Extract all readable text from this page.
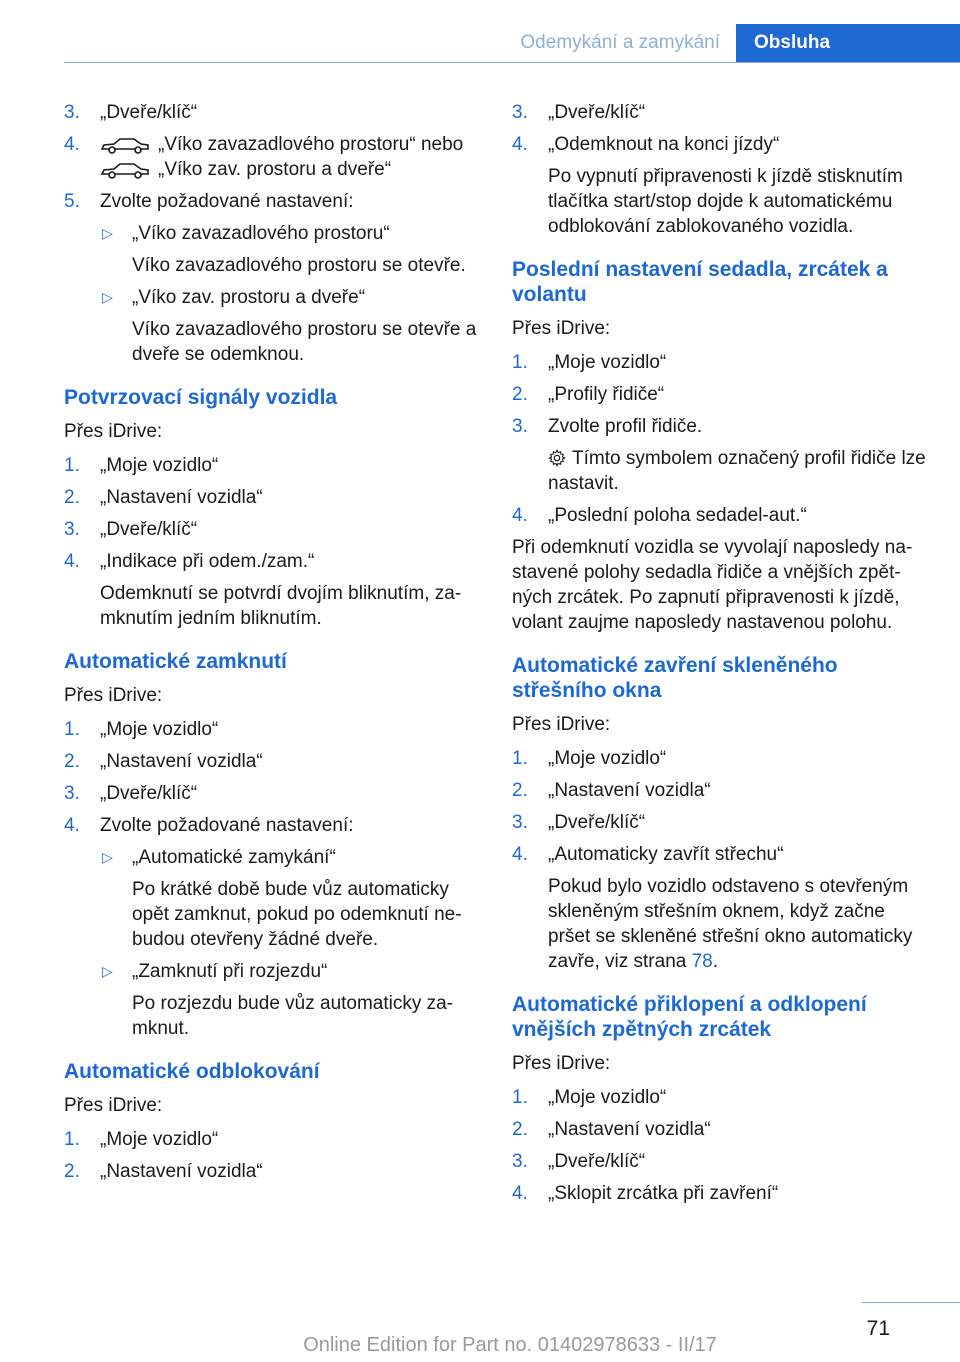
Odemykání a zamykání	Obsluha
3. „Dveře/klíč“
4.	„Víko zavazadlového prostoru“ nebo
„Víko zav. prostoru a dveře“
5. Zvolte požadované nastavení:
▷ „Víko zavazadlového prostoru“
Víko zavazadlového prostoru se otevře.
▷ „Víko zav. prostoru a dveře“
Víko zavazadlového prostoru se otevře a dveře se odemknou.
Potvrzovací signály vozidla
Přes iDrive:
1. „Moje vozidlo“
2. „Nastavení vozidla“
3. „Dveře/klíč“
4. „Indikace při odem./zam.“
Odemknutí se potvrdí dvojím bliknutím, zamknutím jedním bliknutím.
Automatické zamknutí
Přes iDrive:
1. „Moje vozidlo“
2. „Nastavení vozidla“
3. „Dveře/klíč“
4. Zvolte požadované nastavení:
▷ „Automatické zamykání“
Po krátké době bude vůz automaticky opět zamknut, pokud po odemknutí nebudou otevřeny žádné dveře.
▷ „Zamknutí při rozjezdu“
Po rozjezdu bude vůz automaticky zamknut.
Automatické odblokování
Přes iDrive:
1. „Moje vozidlo“
2. „Nastavení vozidla“
3. „Dveře/klíč“
4. „Odemknout na konci jízdy“
Po vypnutí připravenosti k jízdě stisknutím tlačítka start/stop dojde k automatickému odblokování zablokovaného vozidla.
Poslední nastavení sedadla, zrcátek a volantu
Přes iDrive:
1. „Moje vozidlo“
2. „Profily řidiče“
3. Zvolte profil řidiče.
Tímto symbolem označený profil řidiče lze nastavit.
4. „Poslední poloha sedadel-aut.“
Při odemknutí vozidla se vyvolají naposledy nastavené polohy sedadla řidiče a vnějších zpětných zrcátek. Po zapnutí připravenosti k jízdě, volant zaujme naposledy nastavenou polohu.
Automatické zavření skleněného střešního okna
Přes iDrive:
1. „Moje vozidlo“
2. „Nastavení vozidla“
3. „Dveře/klíč“
4. „Automaticky zavřít střechu“
Pokud bylo vozidlo odstaveno s otevřeným skleněným střešním oknem, když začne pršet se skleněné střešní okno automaticky zavře, viz strana 78.
Automatické přiklopení a odklopení vnějších zpětných zrcátek
Přes iDrive:
1. „Moje vozidlo“
2. „Nastavení vozidla“
3. „Dveře/klíč“
4. „Sklopit zrcátka při zavření“
71
Online Edition for Part no. 01402978633 - II/17
